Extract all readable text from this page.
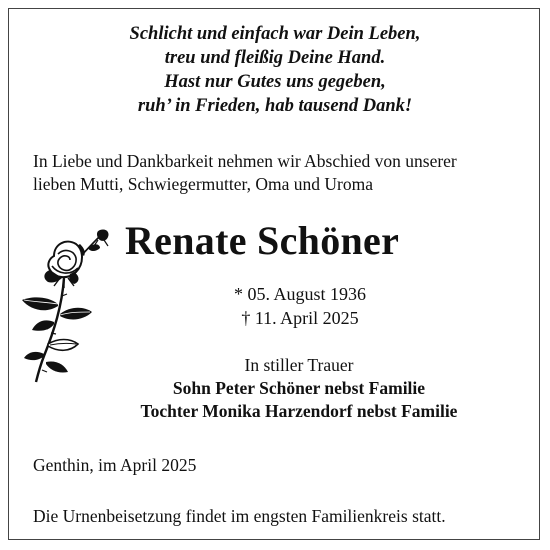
Schlicht und einfach war Dein Leben,
treu und fleißig Deine Hand.
Hast nur Gutes uns gegeben,
ruh’ in Frieden, hab tausend Dank!
In Liebe und Dankbarkeit nehmen wir Abschied von unserer
lieben Mutti, Schwiegermutter, Oma und Uroma
Renate Schöner
* 05. August 1936
† 11. April 2025
In stiller Trauer
Sohn Peter Schöner nebst Familie
Tochter Monika Harzendorf nebst Familie
Genthin, im April 2025
Die Urnenbeisetzung findet im engsten Familienkreis statt.
